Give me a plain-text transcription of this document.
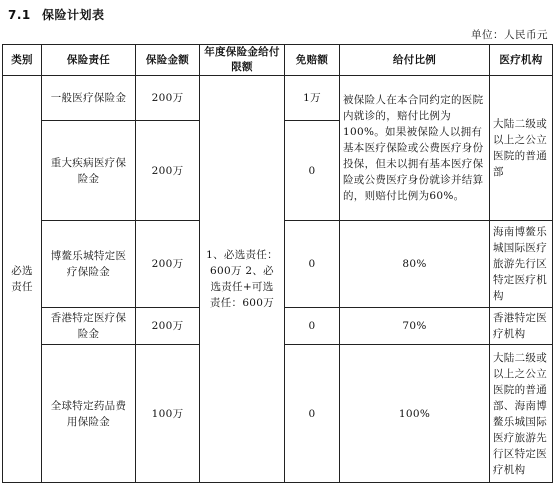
7.1 保险计划表
单位：人民币元
类别	保险责任	保险金额	年度保险金给付限额	免赔额	给付比例	医疗机构
必选责任	一般医疗保险金	200万	1、必选责任：600万 2、必选责任+可选责任：600万	1万	被保险人在本合同约定的医院内就诊的，赔付比例为100%。如果被保险人以拥有基本医疗保险或公费医疗身份投保，但未以拥有基本医疗保险或公费医疗身份就诊并结算的，则赔付比例为60%。	大陆二级或以上之公立医院的普通部
	重大疾病医疗保险金	200万		0		
	博鳌乐城特定医疗保险金	200万		0	80%	海南博鳌乐城国际医疗旅游先行区特定医疗机构
	香港特定医疗保险金	200万		0	70%	香港特定医疗机构
	全球特定药品费用保险金	100万		0	100%	大陆二级或以上之公立医院的普通部、海南博鳌乐城国际医疗旅游先行区特定医疗机构
